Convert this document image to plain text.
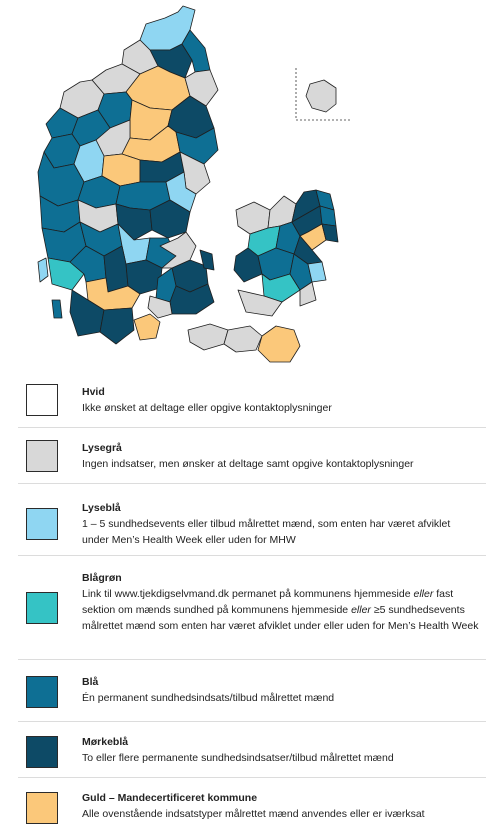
Hvid
Ikke ønsket at deltage eller opgive kontaktoplysninger
Lysegrå
Ingen indsatser, men ønsker at deltage samt opgive kontaktoplysninger
Lyseblå
1 – 5 sundhedsevents eller tilbud målrettet mænd, som enten har været afviklet under Men’s Health Week eller uden for MHW
Blågrøn
Link til www.tjekdigselvmand.dk permanet på kommunens hjemmeside eller fast sektion om mænds sundhed på kommunens hjemmeside eller ≥5 sundhedsevents målrettet mænd som enten har været afviklet under eller uden for Men’s Health Week
Blå
Én permanent sundhedsindsats/tilbud målrettet mænd
Mørkeblå
To eller flere permanente sundhedsindsatser/tilbud målrettet mænd
Guld – Mandecertificeret kommune
Alle ovenstående indsatstyper målrettet mænd anvendes eller er iværksat
